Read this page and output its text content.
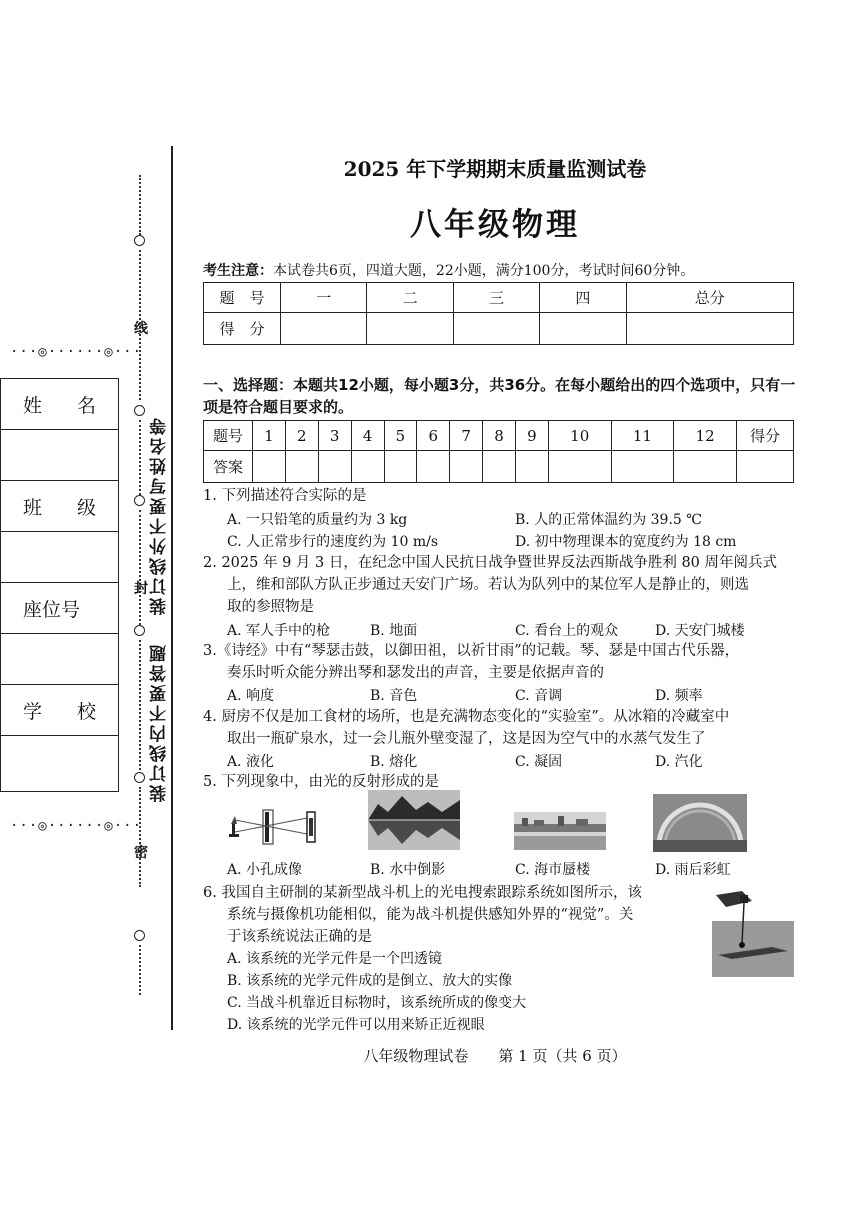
线
封
密
装订线外不要写姓名等
装订线内不要答题
···◎······◎···
···◎······◎···
姓 名

班 级

座位号

学 校

2025 年下学期期末质量监测试卷
八年级物理
考生注意：本试卷共6页，四道大题，22小题，满分100分，考试时间60分钟。
题　号	一	二	三	四	总分
得　分					
一、选择题：本题共12小题，每小题3分，共36分。在每小题给出的四个选项中，只有一项是符合题目要求的。
题号	1	2	3	4	5	6	7	8	9	10	11	12	得分
答案													
1. 下列描述符合实际的是
A. 一只铅笔的质量约为 3 kg	B. 人的正常体温约为 39.5 ℃
C. 人正常步行的速度约为 10 m/s	D. 初中物理课本的宽度约为 18 cm
2. 2025 年 9 月 3 日，在纪念中国人民抗日战争暨世界反法西斯战争胜利 80 周年阅兵式
上，维和部队方队正步通过天安门广场。若认为队列中的某位军人是静止的，则选
取的参照物是
A. 军人手中的枪	B. 地面	C. 看台上的观众	D. 天安门城楼
3.《诗经》中有“琴瑟击鼓，以御田祖，以祈甘雨”的记载。琴、瑟是中国古代乐器，
奏乐时听众能分辨出琴和瑟发出的声音，主要是依据声音的
A. 响度	B. 音色	C. 音调	D. 频率
4. 厨房不仅是加工食材的场所，也是充满物态变化的“实验室”。从冰箱的冷藏室中
取出一瓶矿泉水，过一会儿瓶外壁变湿了，这是因为空气中的水蒸气发生了
A. 液化	B. 熔化	C. 凝固	D. 汽化
5. 下列现象中，由光的反射形成的是
A. 小孔成像	B. 水中倒影	C. 海市蜃楼	D. 雨后彩虹
6. 我国自主研制的某新型战斗机上的光电搜索跟踪系统如图所示，该
系统与摄像机功能相似，能为战斗机提供感知外界的“视觉”。关
于该系统说法正确的是
A. 该系统的光学元件是一个凹透镜
B. 该系统的光学元件成的是倒立、放大的实像
C. 当战斗机靠近目标物时，该系统所成的像变大
D. 该系统的光学元件可以用来矫正近视眼
八年级物理试卷　　第 1 页（共 6 页）
